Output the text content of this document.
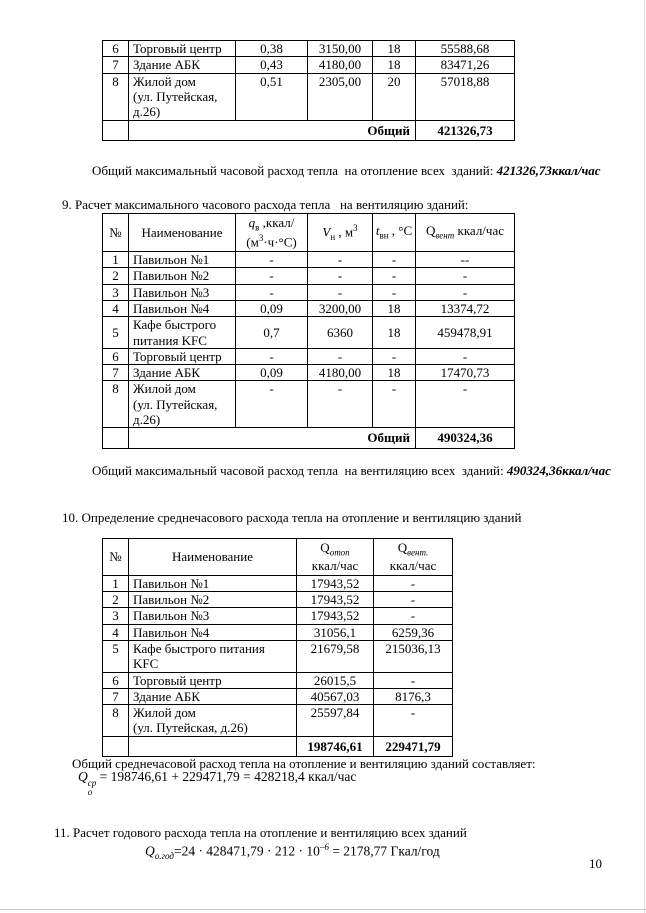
6	Торговый центр	0,38	3150,00	18	55588,68
7	Здание АБК	0,43	4180,00	18	83471,26
8	Жилой дом
(ул. Путейская,
д.26)	0,51	2305,00	20	57018,88
	Общий				421326,73

Общий максимальный часовой расход тепла  на отопление всех  зданий: 421326,73ккал/час

9. Расчет максимального часового расхода тепла   на вентиляцию зданий:

№	Наименование	$q_в$ ,ккал/
$(м^3\cdot ч\cdot^\circ С)$	$V_н$ , $м^3$	$t_{вн}$ , °С	$Q_{вент}$ ккал/час
1	Павильон №1	-	-	-	--
2	Павильон №2	-	-	-	-
3	Павильон №3	-	-	-	-
4	Павильон №4	0,09	3200,00	18	13374,72
5	Кафе быстрого
питания KFC	0,7	6360	18	459478,91
6	Торговый центр	-	-	-	-
7	Здание АБК	0,09	4180,00	18	17470,73
8	Жилой дом
(ул. Путейская,
д.26)	-	-	-	-
	Общий				490324,36

Общий максимальный часовой расход тепла  на вентиляцию всех  зданий: 490324,36ккал/час

10. Определение среднечасового расхода тепла на отопление и вентиляцию зданий

№	Наименование	$Q_{отоп}$
ккал/час	$Q_{вент.}$
ккал/час
1	Павильон №1	17943,52	-
2	Павильон №2	17943,52	-
3	Павильон №3	17943,52	-
4	Павильон №4	31056,1	6259,36
5	Кафе быстрого питания KFC	21679,58	215036,13
6	Торговый центр	26015,5	-
7	Здание АБК	40567,03	8176,3
8	Жилой дом
(ул. Путейская, д.26)	25597,84	-
		198746,61	229471,79

Общий среднечасовой расход тепла на отопление и вентиляцию зданий составляет:

Q ср
о
= 198746,61 + 229471,79 = 428218,4 ккал/час

11. Расчет годового расхода тепла на отопление и вентиляцию всех зданий

$Q_{о.год}=24 \cdot 428471,79 \cdot 212 \cdot 10^{-6} = 2178,77$ Гкал/год
10
